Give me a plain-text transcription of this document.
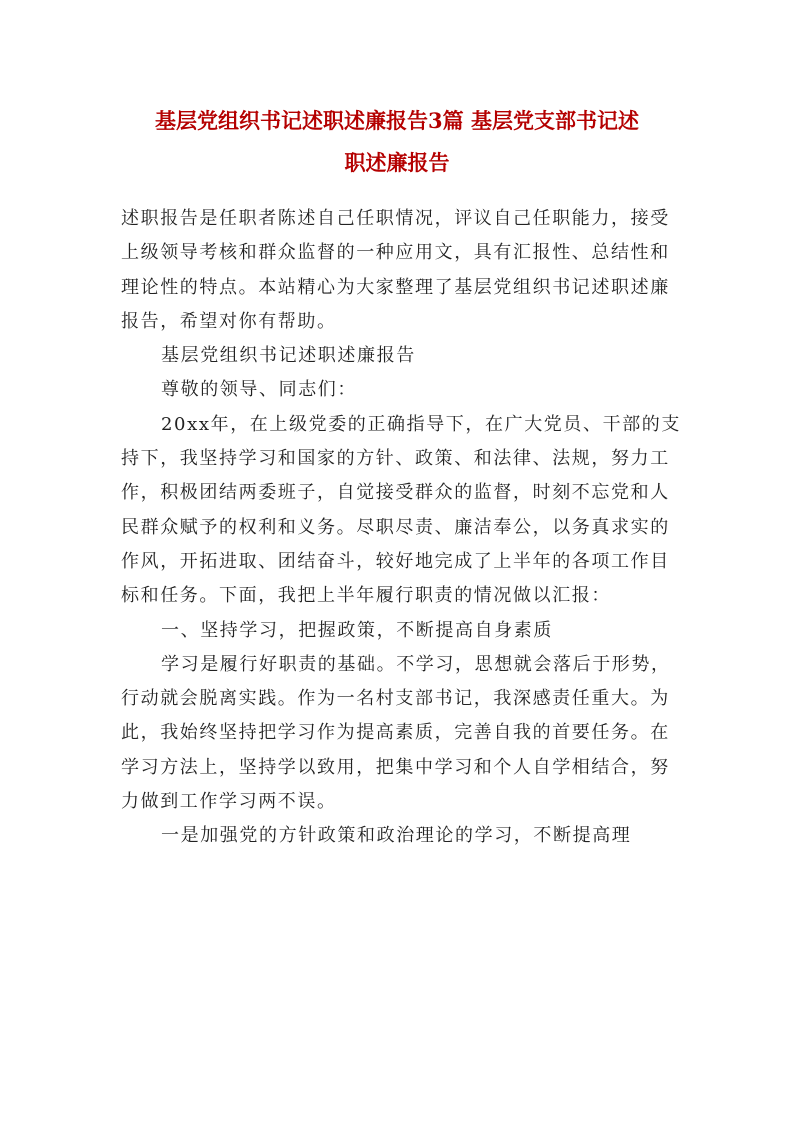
基层党组织书记述职述廉报告3篇 基层党支部书记述
职述廉报告

述职报告是任职者陈述自己任职情况，评议自己任职能力，接受上级领导考核和群众监督的一种应用文，具有汇报性、总结性和理论性的特点。本站精心为大家整理了基层党组织书记述职述廉报告，希望对你有帮助。

基层党组织书记述职述廉报告

尊敬的领导、同志们：

20xx年，在上级党委的正确指导下，在广大党员、干部的支持下，我坚持学习和国家的方针、政策、和法律、法规，努力工作，积极团结两委班子，自觉接受群众的监督，时刻不忘党和人民群众赋予的权利和义务。尽职尽责、廉洁奉公，以务真求实的作风，开拓进取、团结奋斗，较好地完成了上半年的各项工作目标和任务。下面，我把上半年履行职责的情况做以汇报：

一、坚持学习，把握政策，不断提高自身素质

学习是履行好职责的基础。不学习，思想就会落后于形势，行动就会脱离实践。作为一名村支部书记，我深感责任重大。为此，我始终坚持把学习作为提高素质，完善自我的首要任务。在学习方法上，坚持学以致用，把集中学习和个人自学相结合，努力做到工作学习两不误。

一是加强党的方针政策和政治理论的学习，不断提高理
